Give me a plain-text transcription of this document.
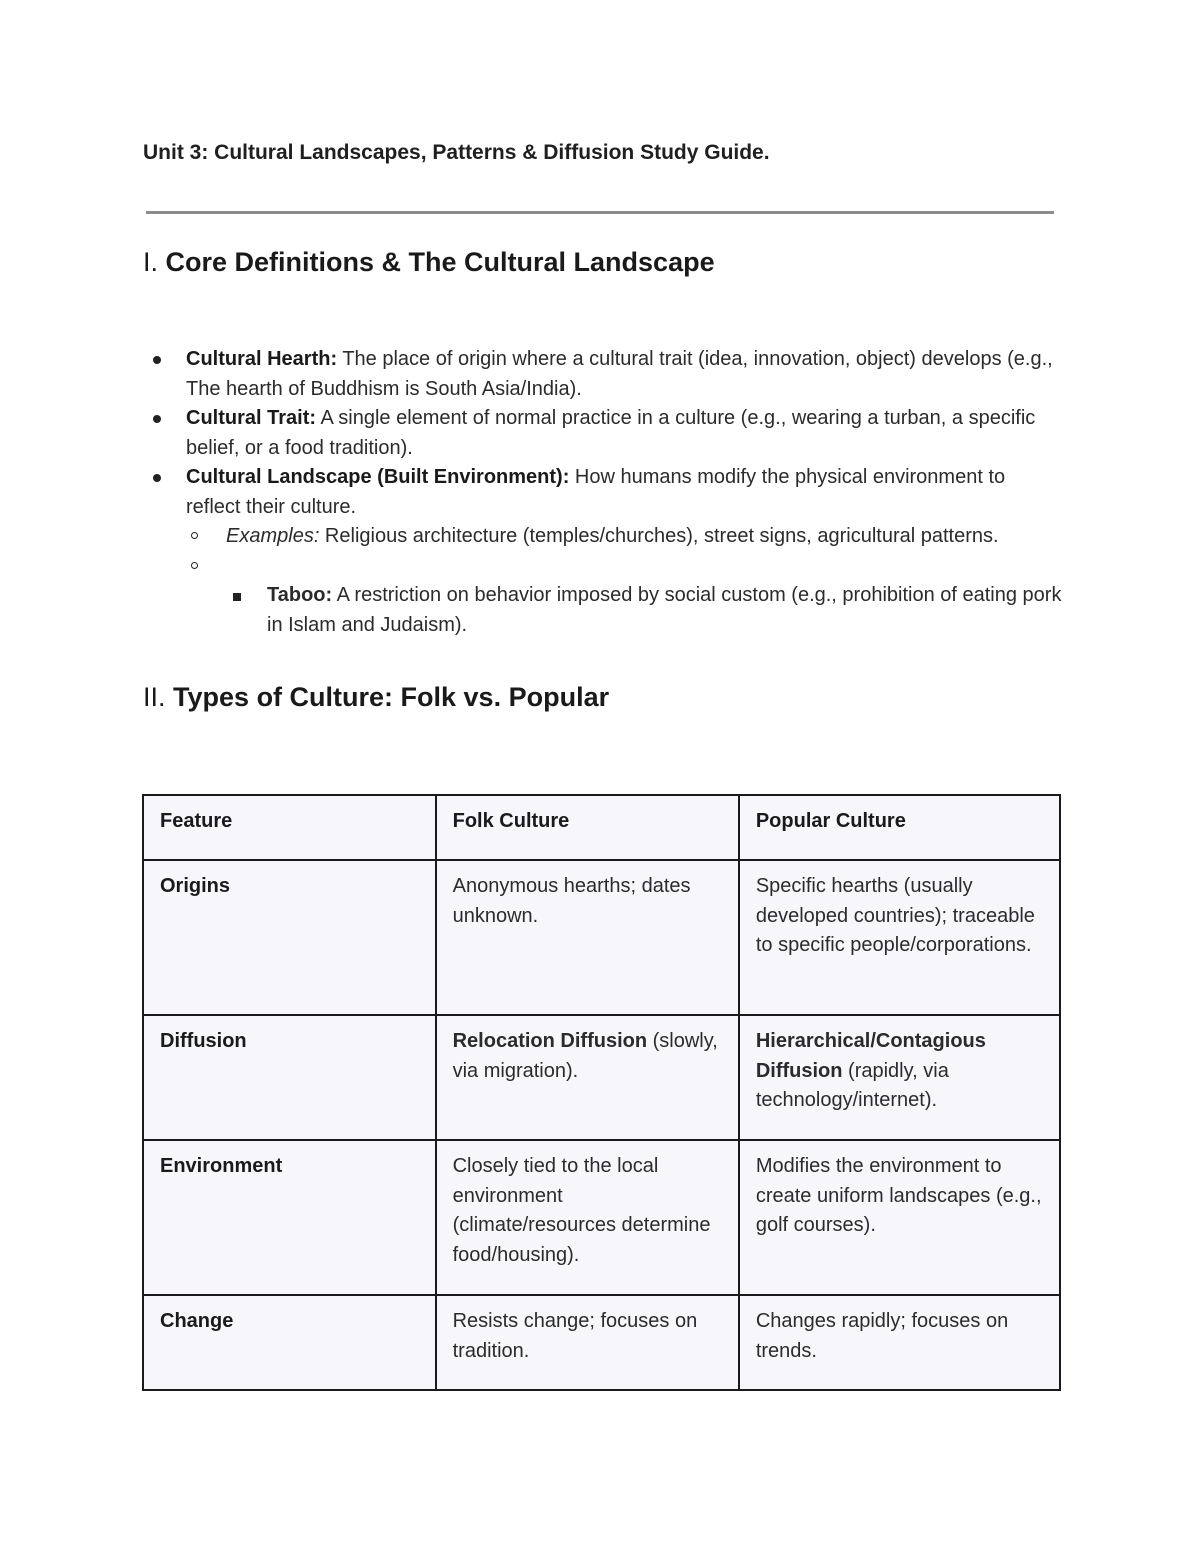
Unit 3: Cultural Landscapes, Patterns & Diffusion Study Guide.
I. Core Definitions & The Cultural Landscape
Cultural Hearth: The place of origin where a cultural trait (idea, innovation, object) develops (e.g., The hearth of Buddhism is South Asia/India).
Cultural Trait: A single element of normal practice in a culture (e.g., wearing a turban, a specific belief, or a food tradition).
Cultural Landscape (Built Environment): How humans modify the physical environment to reflect their culture.
Examples: Religious architecture (temples/churches), street signs, agricultural patterns.
Taboo: A restriction on behavior imposed by social custom (e.g., prohibition of eating pork in Islam and Judaism).
II. Types of Culture: Folk vs. Popular
Feature	Folk Culture	Popular Culture
Origins	Anonymous hearths; dates unknown.	Specific hearths (usually developed countries); traceable to specific people/corporations.
Diffusion	Relocation Diffusion (slowly, via migration).	Hierarchical/Contagious Diffusion (rapidly, via technology/internet).
Environment	Closely tied to the local environment (climate/resources determine food/housing).	Modifies the environment to create uniform landscapes (e.g., golf courses).
Change	Resists change; focuses on tradition.	Changes rapidly; focuses on trends.
